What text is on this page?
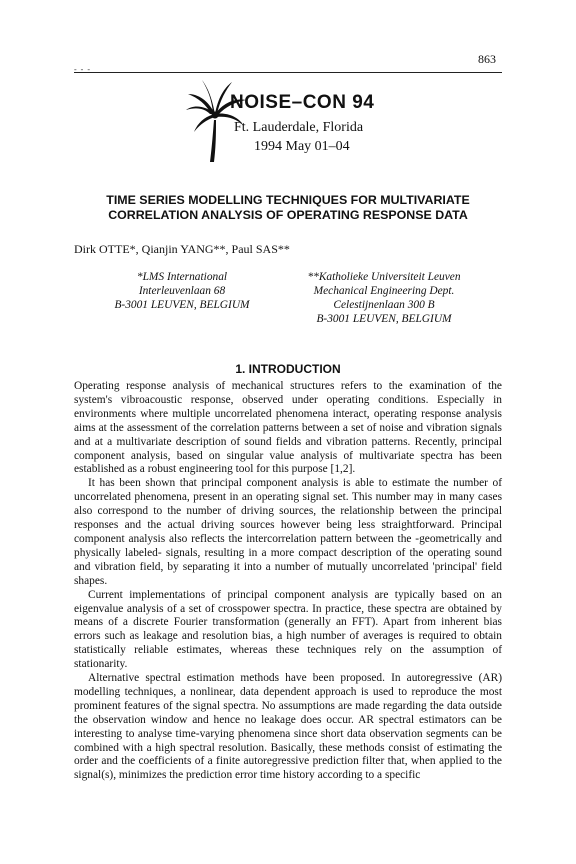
863
- - -
NOISE–CON 94
Ft. Lauderdale, Florida
1994 May 01–04
TIME SERIES MODELLING TECHNIQUES FOR MULTIVARIATE
CORRELATION ANALYSIS OF OPERATING RESPONSE DATA
Dirk OTTE*, Qianjin YANG**, Paul SAS**
*LMS International
Interleuvenlaan 68
B-3001 LEUVEN, BELGIUM
**Katholieke Universiteit Leuven
Mechanical Engineering Dept.
Celestijnenlaan 300 B
B-3001 LEUVEN, BELGIUM
1. INTRODUCTION

Operating response analysis of mechanical structures refers to the examination of the system's vibroacoustic response, observed under operating conditions. Especially in environments where multiple uncorrelated phenomena interact, operating response analysis aims at the assessment of the correlation patterns between a set of noise and vibration signals and at a multivariate description of sound fields and vibration patterns. Recently, principal component analysis, based on singular value analysis of multivariate spectra has been established as a robust engineering tool for this purpose [1,2].

It has been shown that principal component analysis is able to estimate the number of uncorrelated phenomena, present in an operating signal set. This number may in many cases also correspond to the number of driving sources, the relationship between the principal responses and the actual driving sources however being less straightforward. Principal component analysis also reflects the intercorrelation pattern between the -geometrically and physically labeled- signals, resulting in a more compact description of the operating sound and vibration field, by separating it into a number of mutually uncorrelated 'principal' field shapes.

Current implementations of principal component analysis are typically based on an eigenvalue analysis of a set of crosspower spectra. In practice, these spectra are obtained by means of a discrete Fourier transformation (generally an FFT). Apart from inherent bias errors such as leakage and resolution bias, a high number of averages is required to obtain statistically reliable estimates, whereas these techniques rely on the assumption of stationarity.

Alternative spectral estimation methods have been proposed. In autoregressive (AR) modelling techniques, a nonlinear, data dependent approach is used to reproduce the most prominent features of the signal spectra. No assumptions are made regarding the data outside the observation window and hence no leakage does occur. AR spectral estimators can be interesting to analyse time-varying phenomena since short data observation segments can be combined with a high spectral resolution. Basically, these methods consist of estimating the order and the coefficients of a finite autoregressive prediction filter that, when applied to the signal(s), minimizes the prediction error time history according to a specific
